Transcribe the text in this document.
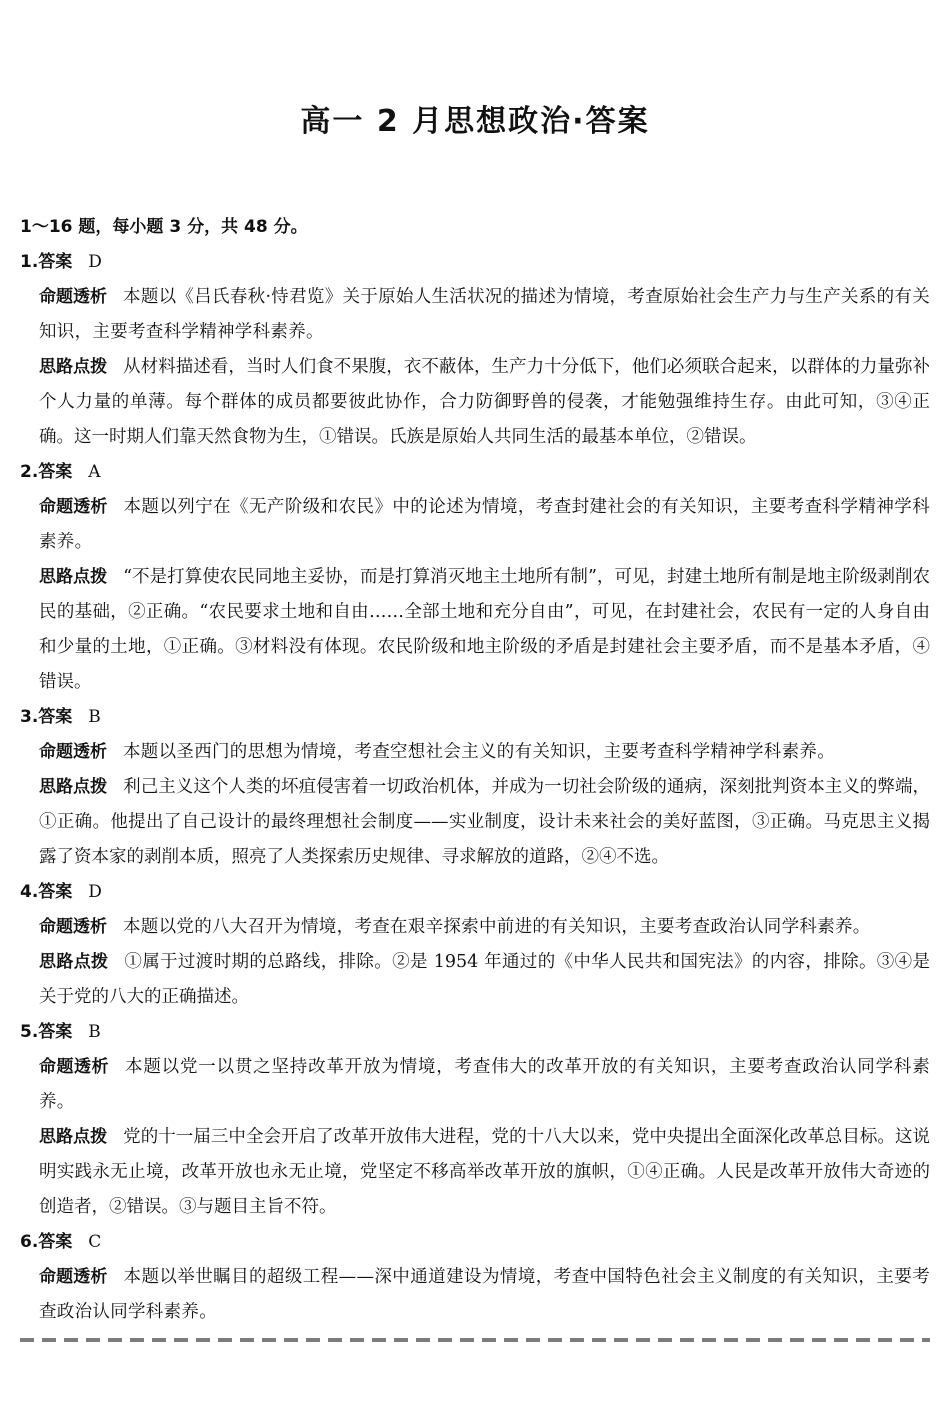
高一 2 月思想政治·答案
1～16 题，每小题 3 分，共 48 分。
1.答案 D
命题透析 本题以《吕氏春秋·恃君览》关于原始人生活状况的描述为情境，考查原始社会生产力与生产关系的有关知识，主要考查科学精神学科素养。
思路点拨 从材料描述看，当时人们食不果腹，衣不蔽体，生产力十分低下，他们必须联合起来，以群体的力量弥补个人力量的单薄。每个群体的成员都要彼此协作，合力防御野兽的侵袭，才能勉强维持生存。由此可知，③④正确。这一时期人们靠天然食物为生，①错误。氏族是原始人共同生活的最基本单位，②错误。
2.答案 A
命题透析 本题以列宁在《无产阶级和农民》中的论述为情境，考查封建社会的有关知识，主要考查科学精神学科素养。
思路点拨 “不是打算使农民同地主妥协，而是打算消灭地主土地所有制”，可见，封建土地所有制是地主阶级剥削农民的基础，②正确。“农民要求土地和自由……全部土地和充分自由”，可见，在封建社会，农民有一定的人身自由和少量的土地，①正确。③材料没有体现。农民阶级和地主阶级的矛盾是封建社会主要矛盾，而不是基本矛盾，④错误。
3.答案 B
命题透析 本题以圣西门的思想为情境，考查空想社会主义的有关知识，主要考查科学精神学科素养。
思路点拨 利己主义这个人类的坏疽侵害着一切政治机体，并成为一切社会阶级的通病，深刻批判资本主义的弊端，①正确。他提出了自己设计的最终理想社会制度——实业制度，设计未来社会的美好蓝图，③正确。马克思主义揭露了资本家的剥削本质，照亮了人类探索历史规律、寻求解放的道路，②④不选。
4.答案 D
命题透析 本题以党的八大召开为情境，考查在艰辛探索中前进的有关知识，主要考查政治认同学科素养。
思路点拨 ①属于过渡时期的总路线，排除。②是 1954 年通过的《中华人民共和国宪法》的内容，排除。③④是关于党的八大的正确描述。
5.答案 B
命题透析 本题以党一以贯之坚持改革开放为情境，考查伟大的改革开放的有关知识，主要考查政治认同学科素养。
思路点拨 党的十一届三中全会开启了改革开放伟大进程，党的十八大以来，党中央提出全面深化改革总目标。这说明实践永无止境，改革开放也永无止境，党坚定不移高举改革开放的旗帜，①④正确。人民是改革开放伟大奇迹的创造者，②错误。③与题目主旨不符。
6.答案 C
命题透析 本题以举世瞩目的超级工程——深中通道建设为情境，考查中国特色社会主义制度的有关知识，主要考查政治认同学科素养。
